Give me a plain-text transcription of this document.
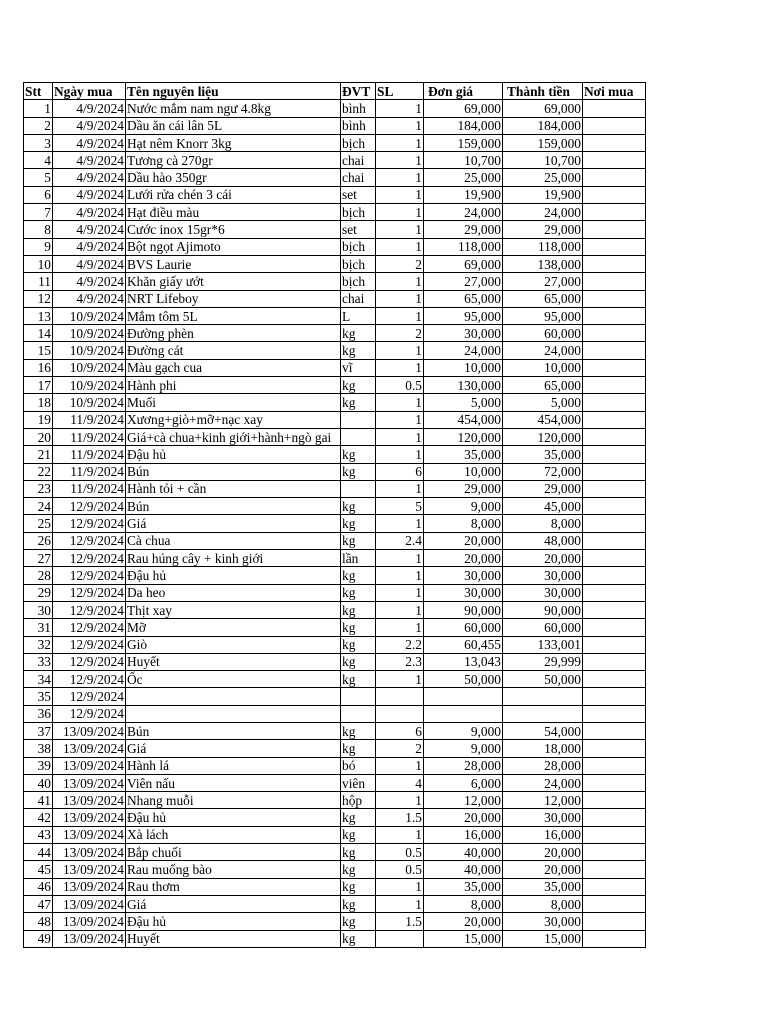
Stt	Ngày mua	Tên nguyên liệu	ĐVT	SL	Đơn giá	Thành tiền	Nơi mua
1	4/9/2024	Nước mắm nam ngư 4.8kg	bình	1	69,000	69,000	
2	4/9/2024	Dầu ăn cái lân 5L	bình	1	184,000	184,000	
3	4/9/2024	Hạt nêm Knorr 3kg	bịch	1	159,000	159,000	
4	4/9/2024	Tương cà 270gr	chai	1	10,700	10,700	
5	4/9/2024	Dầu hào 350gr	chai	1	25,000	25,000	
6	4/9/2024	Lưới rửa chén 3 cái	set	1	19,900	19,900	
7	4/9/2024	Hạt điều màu	bịch	1	24,000	24,000	
8	4/9/2024	Cước inox 15gr*6	set	1	29,000	29,000	
9	4/9/2024	Bột ngọt Ajimoto	bịch	1	118,000	118,000	
10	4/9/2024	BVS Laurie	bịch	2	69,000	138,000	
11	4/9/2024	Khăn giấy ướt	bịch	1	27,000	27,000	
12	4/9/2024	NRT Lifeboy	chai	1	65,000	65,000	
13	10/9/2024	Mắm tôm 5L	L	1	95,000	95,000	
14	10/9/2024	Đường phèn	kg	2	30,000	60,000	
15	10/9/2024	Đường cát	kg	1	24,000	24,000	
16	10/9/2024	Màu gạch cua	vĩ	1	10,000	10,000	
17	10/9/2024	Hành phi	kg	0.5	130,000	65,000	
18	10/9/2024	Muối	kg	1	5,000	5,000	
19	11/9/2024	Xương+giò+mỡ+nạc xay		1	454,000	454,000	
20	11/9/2024	Giá+cà chua+kinh giới+hành+ngò gai		1	120,000	120,000	
21	11/9/2024	Đậu hủ	kg	1	35,000	35,000	
22	11/9/2024	Bún	kg	6	10,000	72,000	
23	11/9/2024	Hành tỏi + cần		1	29,000	29,000	
24	12/9/2024	Bún	kg	5	9,000	45,000	
25	12/9/2024	Giá	kg	1	8,000	8,000	
26	12/9/2024	Cà chua	kg	2.4	20,000	48,000	
27	12/9/2024	Rau húng cây + kinh giới	lần	1	20,000	20,000	
28	12/9/2024	Đậu hủ	kg	1	30,000	30,000	
29	12/9/2024	Da heo	kg	1	30,000	30,000	
30	12/9/2024	Thịt xay	kg	1	90,000	90,000	
31	12/9/2024	Mỡ	kg	1	60,000	60,000	
32	12/9/2024	Giò	kg	2.2	60,455	133,001	
33	12/9/2024	Huyết	kg	2.3	13,043	29,999	
34	12/9/2024	Ốc	kg	1	50,000	50,000	
35	12/9/2024						
36	12/9/2024						
37	13/09/2024	Bún	kg	6	9,000	54,000	
38	13/09/2024	Giá	kg	2	9,000	18,000	
39	13/09/2024	Hành lá	bó	1	28,000	28,000	
40	13/09/2024	Viên nấu	viên	4	6,000	24,000	
41	13/09/2024	Nhang muỗi	hộp	1	12,000	12,000	
42	13/09/2024	Đậu hủ	kg	1.5	20,000	30,000	
43	13/09/2024	Xà lách	kg	1	16,000	16,000	
44	13/09/2024	Bắp chuối	kg	0.5	40,000	20,000	
45	13/09/2024	Rau muống bào	kg	0.5	40,000	20,000	
46	13/09/2024	Rau thơm	kg	1	35,000	35,000	
47	13/09/2024	Giá	kg	1	8,000	8,000	
48	13/09/2024	Đậu hủ	kg	1.5	20,000	30,000	
49	13/09/2024	Huyết	kg		15,000	15,000	
